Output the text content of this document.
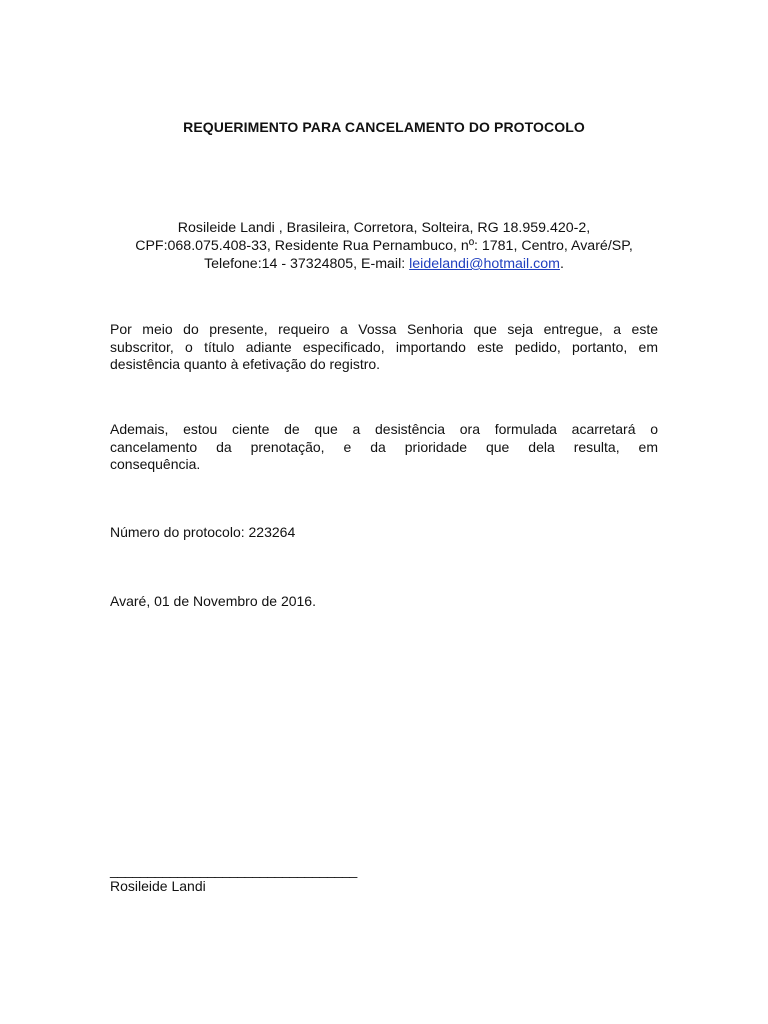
REQUERIMENTO PARA CANCELAMENTO DO PROTOCOLO
Rosileide Landi , Brasileira, Corretora, Solteira, RG 18.959.420-2,
CPF:068.075.408-33, Residente Rua Pernambuco, nº: 1781, Centro, Avaré/SP,
Telefone:14 - 37324805, E-mail: leidelandi@hotmail.com.
Por meio do presente, requeiro a Vossa Senhoria que seja entregue, a este
subscritor, o título adiante especificado, importando este pedido, portanto, em
desistência quanto à efetivação do registro.
Ademais, estou ciente de que a desistência ora formulada acarretará o
cancelamento da prenotação, e da prioridade que dela resulta, em
consequência.
Número do protocolo: 223264
Avaré, 01 de Novembro de 2016.
_________________________________
Rosileide Landi
